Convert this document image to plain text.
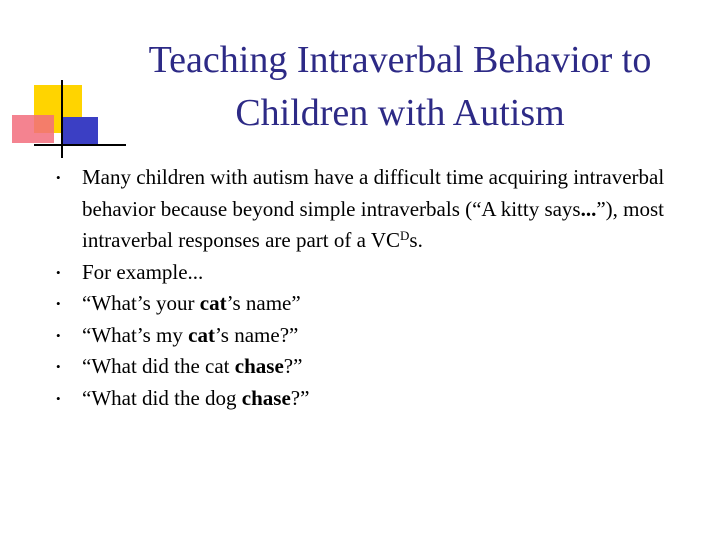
Teaching Intraverbal Behavior to
Children with Autism
• Many children with autism have a difficult time acquiring intraverbal behavior because beyond simple intraverbals (“A kitty says...”), most intraverbal responses are part of a $VC^Ds$.
• For example...
• “What’s your cat’s name”
• “What’s my cat’s name?”
• “What did the cat chase?”
• “What did the dog chase?”
